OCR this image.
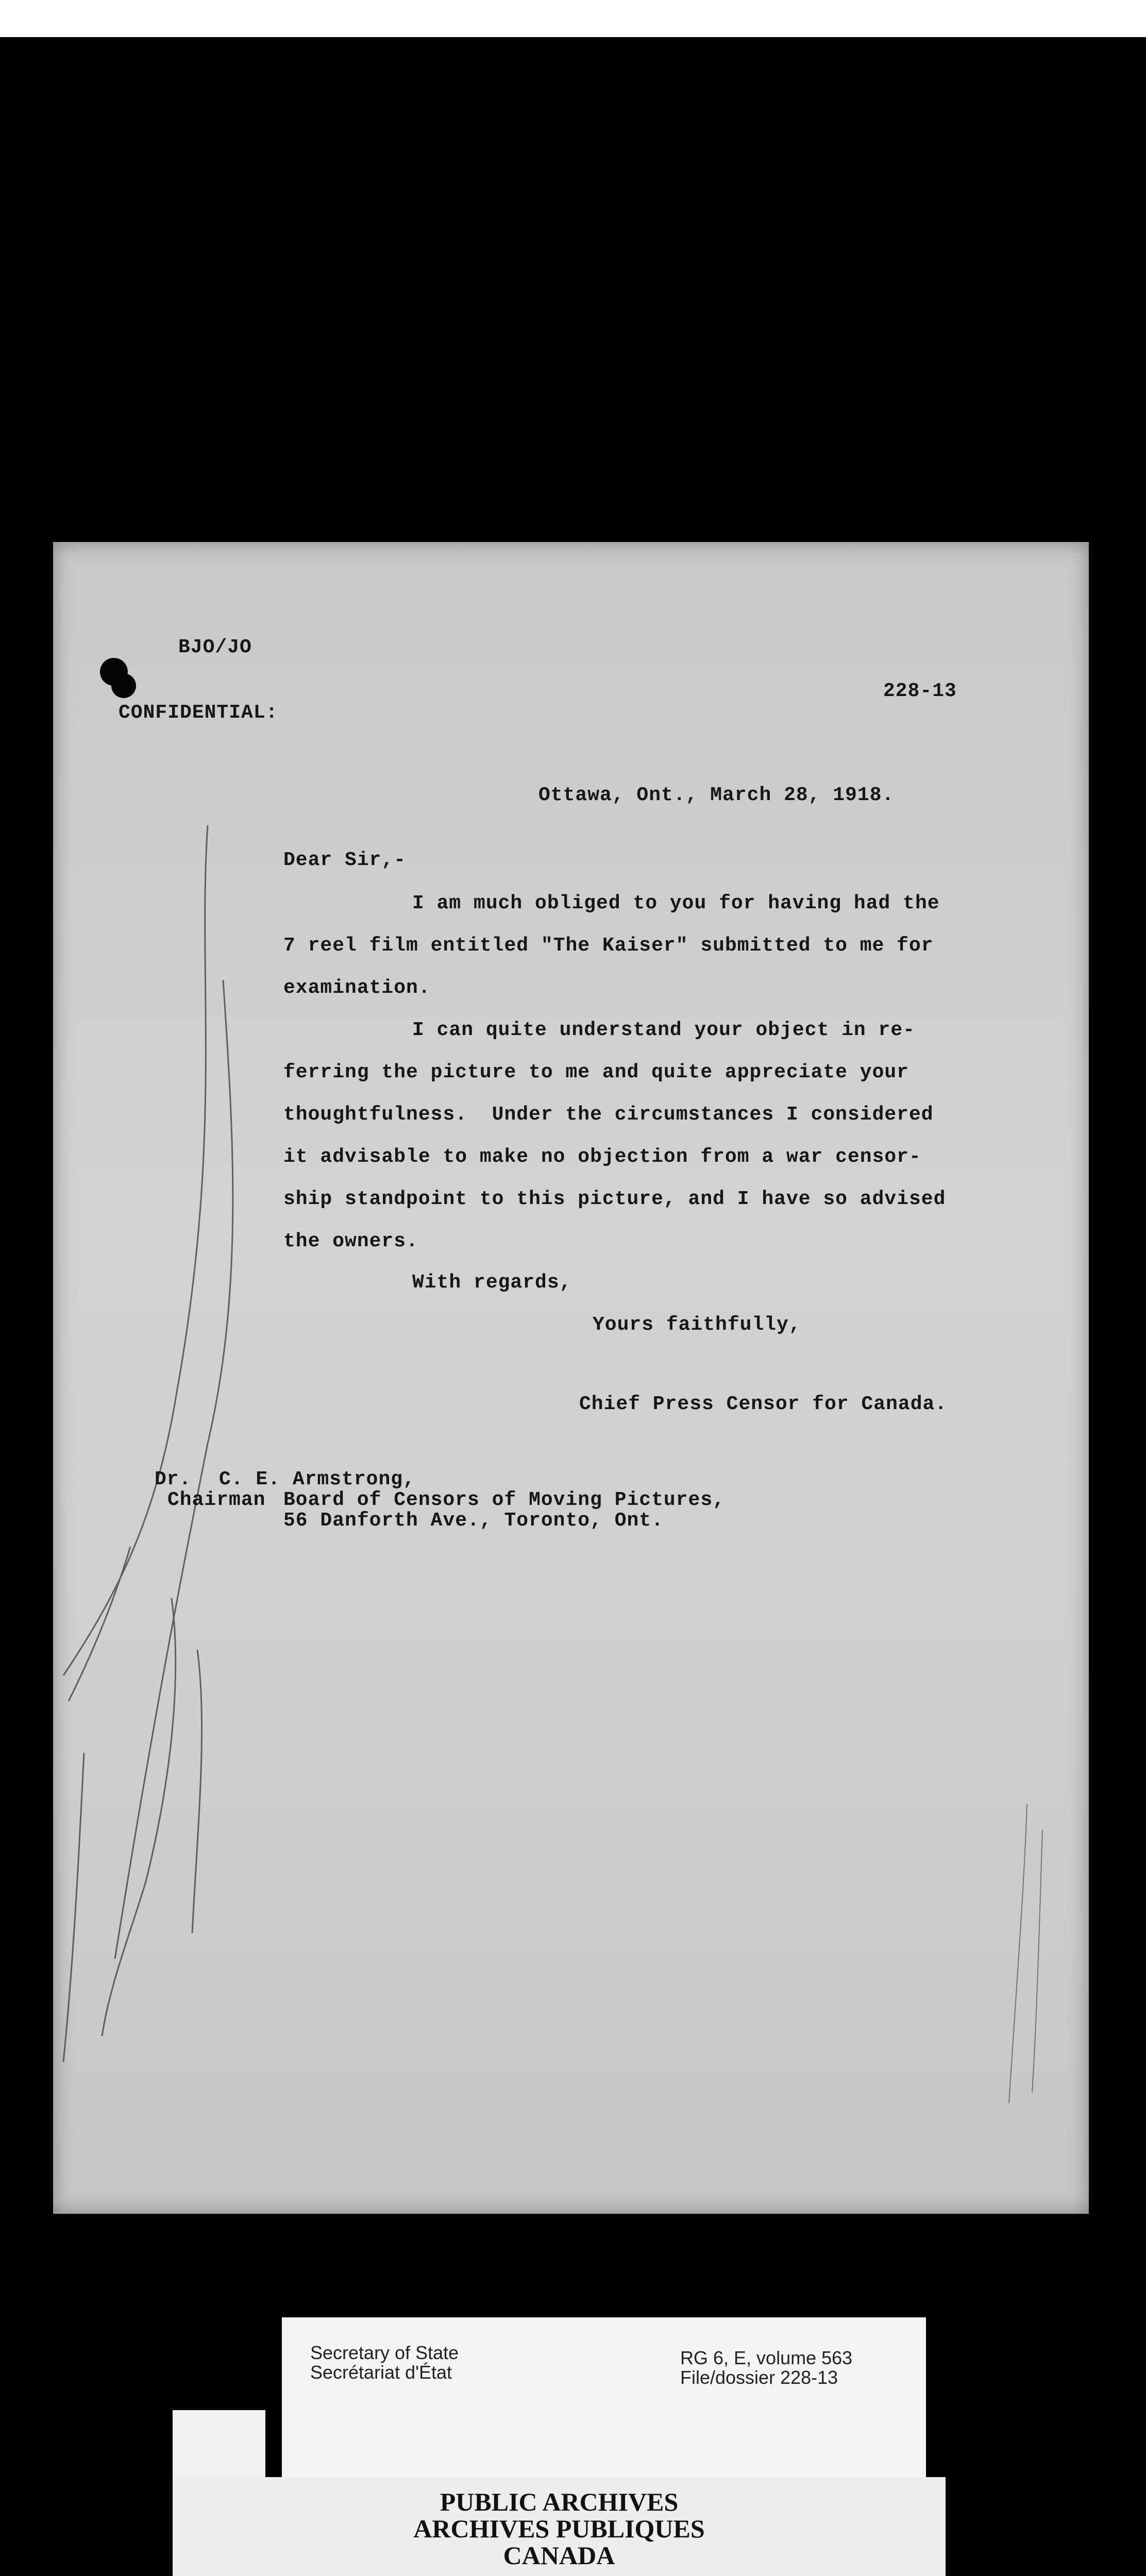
BJO/JO
228-13
CONFIDENTIAL:
Ottawa, Ont., March 28, 1918.
Dear Sir,-
I am much obliged to you for having had the
7 reel film entitled "The Kaiser" submitted to me for
examination.
I can quite understand your object in re-
ferring the picture to me and quite appreciate your
thoughtfulness.  Under the circumstances I considered
it advisable to make no objection from a war censor-
ship standpoint to this picture, and I have so advised
the owners.
With regards,
Yours faithfully,
Chief Press Censor for Canada.
Dr. C. E. Armstrong,
Chairman Board of Censors of Moving Pictures,
56 Danforth Ave., Toronto, Ont.
Secretary of State
Secrétariat d'État
RG 6, E, volume 563
File/dossier 228-13
PUBLIC ARCHIVES
ARCHIVES PUBLIQUES
CANADA
